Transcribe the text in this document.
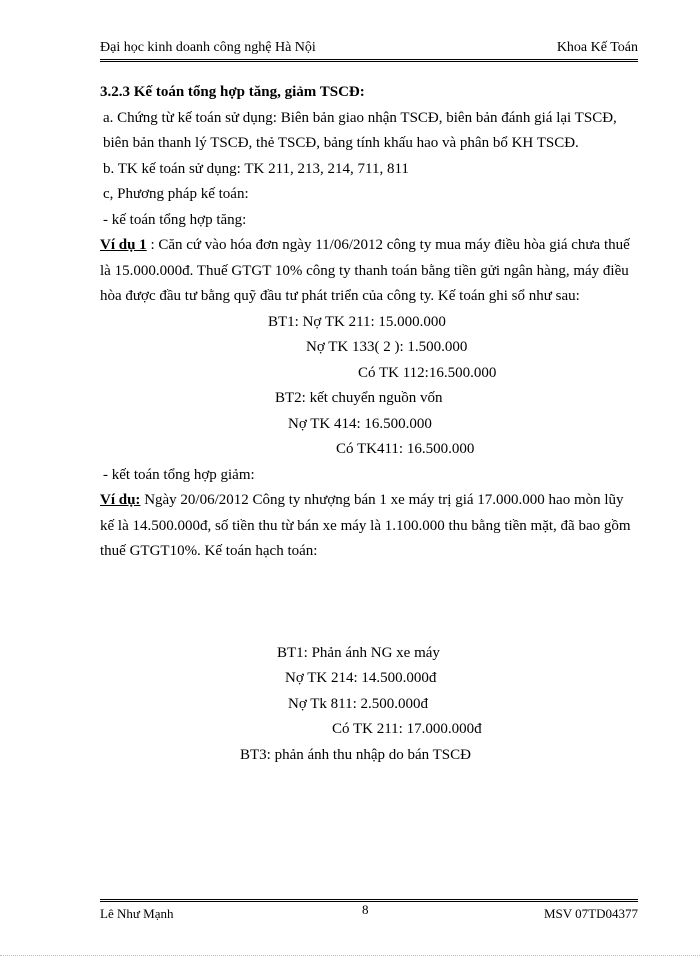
Đại học kinh doanh công nghệ Hà Nội	Khoa Kế Toán

3.2.3 Kế toán tổng hợp tăng, giảm TSCĐ:

a. Chứng từ kế toán sử dụng: Biên bản giao nhận TSCĐ, biên bản đánh giá lại TSCĐ, biên bản thanh lý TSCĐ, thẻ TSCĐ, bảng tính khấu hao và phân bổ KH TSCĐ.

b. TK kế toán sử dụng: TK 211, 213, 214, 711, 811

c, Phương pháp kế toán:

- kế toán tổng hợp tăng:

Ví dụ 1 : Căn cứ vào hóa đơn ngày 11/06/2012 công ty mua máy điều hòa giá chưa thuế là 15.000.000đ. Thuế GTGT 10% công ty thanh toán bằng tiền gửi ngân hàng, máy điều hòa được đầu tư bằng quỹ đầu tư phát triển của công ty. Kế toán ghi sổ như sau:

BT1: Nợ TK 211: 15.000.000

Nợ TK 133( 2 ): 1.500.000

Có TK 112:16.500.000

BT2: kết chuyển nguồn vốn

Nợ TK 414: 16.500.000

Có TK411: 16.500.000

- kết toán tổng hợp giảm:

Ví dụ: Ngày 20/06/2012 Công ty nhượng bán 1 xe máy trị giá 17.000.000 hao mòn lũy kế là 14.500.000đ, số tiền thu từ bán xe máy là 1.100.000 thu bằng tiền mặt, đã bao gồm thuế GTGT10%. Kế toán hạch toán:

BT1: Phản ánh NG xe máy

Nợ TK 214: 14.500.000đ

Nợ Tk 811: 2.500.000đ

Có TK 211: 17.000.000đ

BT3: phản ánh thu nhập do bán TSCĐ

Lê Như Mạnh	8	MSV 07TD04377
